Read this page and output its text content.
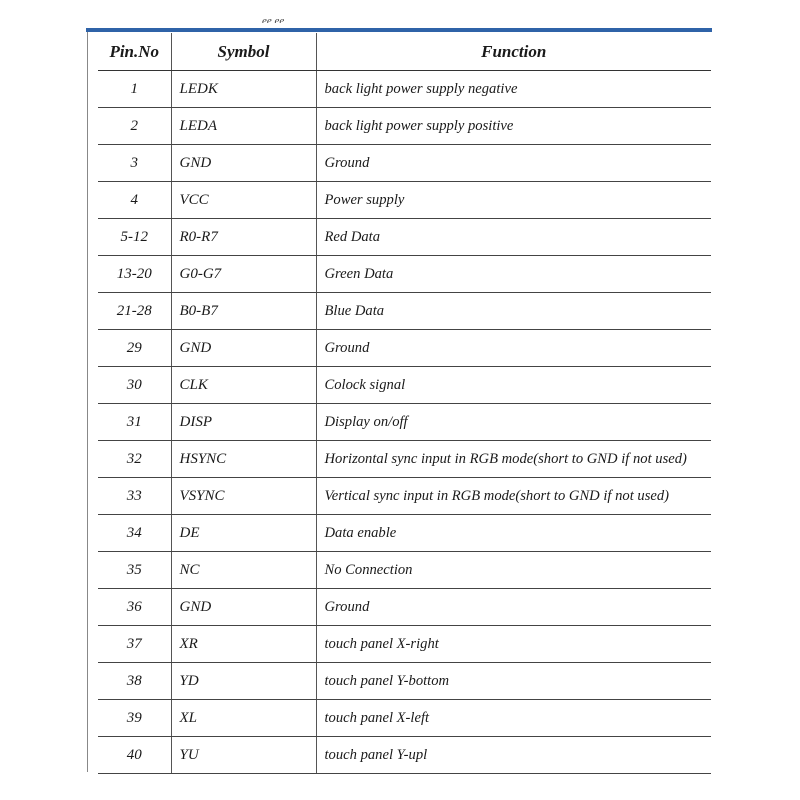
ee ee
Pin.No	Symbol	Function
1	LEDK	back light power supply negative
2	LEDA	back light power supply positive
3	GND	Ground
4	VCC	Power supply
5-12	R0-R7	Red Data
13-20	G0-G7	Green Data
21-28	B0-B7	Blue Data
29	GND	Ground
30	CLK	Colock signal
31	DISP	Display on/off
32	HSYNC	Horizontal sync input in RGB mode(short to GND if not used)
33	VSYNC	Vertical sync input in RGB mode(short to GND if not used)
34	DE	Data enable
35	NC	No Connection
36	GND	Ground
37	XR	touch panel X-right
38	YD	touch panel Y-bottom
39	XL	touch panel X-left
40	YU	touch panel Y-upl
